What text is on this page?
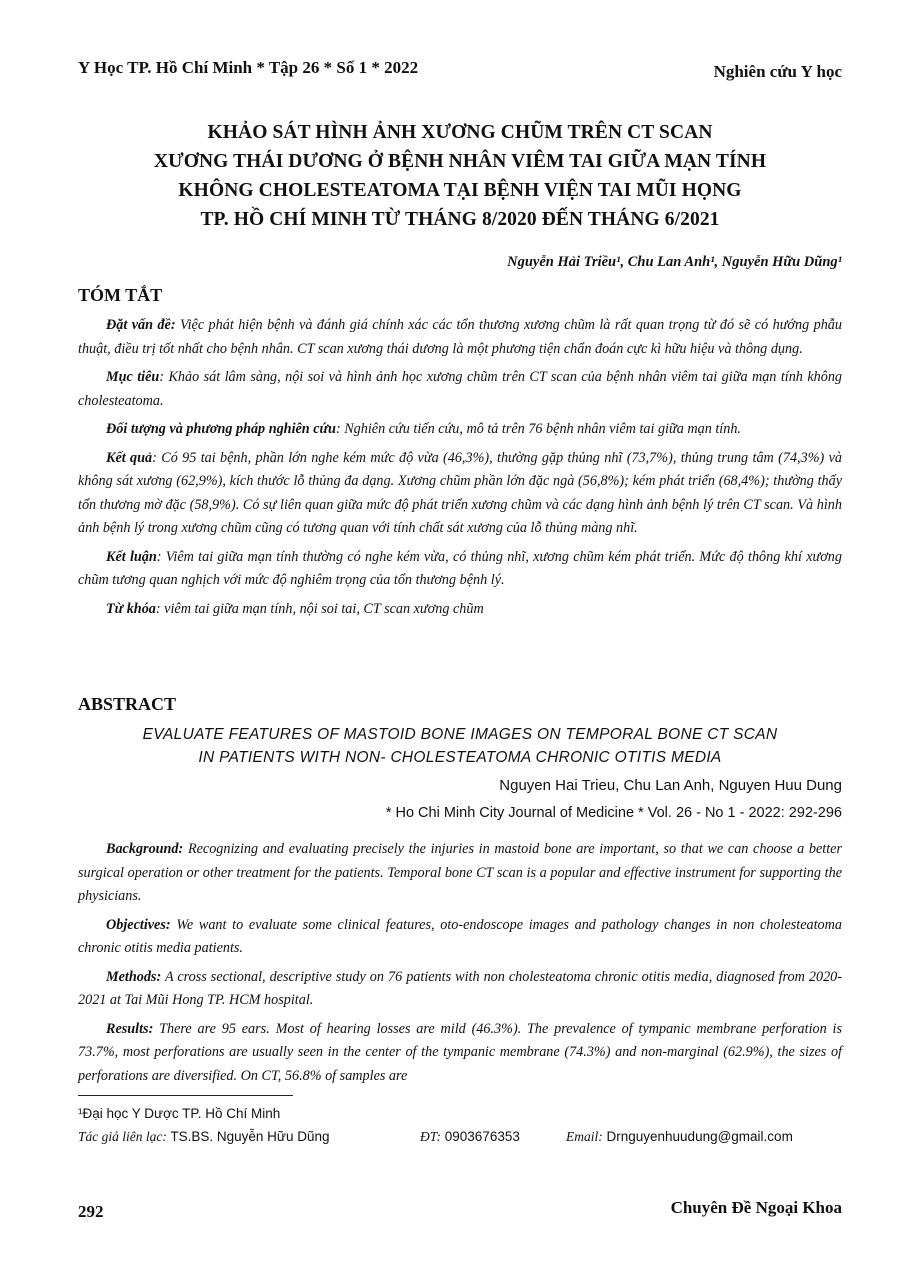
Y Học TP. Hồ Chí Minh * Tập 26 * Số 1 * 2022	Nghiên cứu Y học
KHẢO SÁT HÌNH ẢNH XƯƠNG CHŨM TRÊN CT SCAN
XƯƠNG THÁI DƯƠNG Ở BỆNH NHÂN VIÊM TAI GIỮA MẠN TÍNH
KHÔNG CHOLESTEATOMA TẠI BỆNH VIỆN TAI MŨI HỌNG
TP. HỒ CHÍ MINH TỪ THÁNG 8/2020 ĐẾN THÁNG 6/2021
Nguyễn Hải Triều¹, Chu Lan Anh¹, Nguyễn Hữu Dũng¹
TÓM TẮT

Đặt vấn đề: Việc phát hiện bệnh và đánh giá chính xác các tổn thương xương chũm là rất quan trọng từ đó sẽ có hướng phẫu thuật, điều trị tốt nhất cho bệnh nhân. CT scan xương thái dương là một phương tiện chẩn đoán cực kì hữu hiệu và thông dụng.

Mục tiêu: Khảo sát lâm sàng, nội soi và hình ảnh học xương chũm trên CT scan của bệnh nhân viêm tai giữa mạn tính không cholesteatoma.

Đối tượng và phương pháp nghiên cứu: Nghiên cứu tiến cứu, mô tả trên 76 bệnh nhân viêm tai giữa mạn tính.

Kết quả: Có 95 tai bệnh, phần lớn nghe kém mức độ vừa (46,3%), thường gặp thủng nhĩ (73,7%), thủng trung tâm (74,3%) và không sát xương (62,9%), kích thước lỗ thủng đa dạng. Xương chũm phần lớn đặc ngà (56,8%); kém phát triển (68,4%); thường thấy tổn thương mờ đặc (58,9%). Có sự liên quan giữa mức độ phát triển xương chũm và các dạng hình ảnh bệnh lý trên CT scan. Và hình ảnh bệnh lý trong xương chũm cũng có tương quan với tính chất sát xương của lỗ thủng màng nhĩ.

Kết luận: Viêm tai giữa mạn tính thường có nghe kém vừa, có thủng nhĩ, xương chũm kém phát triển. Mức độ thông khí xương chũm tương quan nghịch với mức độ nghiêm trọng của tổn thương bệnh lý.

Từ khóa: viêm tai giữa mạn tính, nội soi tai, CT scan xương chũm

ABSTRACT
EVALUATE FEATURES OF MASTOID BONE IMAGES ON TEMPORAL BONE CT SCAN
IN PATIENTS WITH NON- CHOLESTEATOMA CHRONIC OTITIS MEDIA
Nguyen Hai Trieu, Chu Lan Anh, Nguyen Huu Dung
* Ho Chi Minh City Journal of Medicine * Vol. 26 - No 1 - 2022: 292-296

Background: Recognizing and evaluating precisely the injuries in mastoid bone are important, so that we can choose a better surgical operation or other treatment for the patients. Temporal bone CT scan is a popular and effective instrument for supporting the physicians.

Objectives: We want to evaluate some clinical features, oto-endoscope images and pathology changes in non cholesteatoma chronic otitis media patients.

Methods: A cross sectional, descriptive study on 76 patients with non cholesteatoma chronic otitis media, diagnosed from 2020-2021 at Tai Mũi Hong TP. HCM hospital.

Results: There are 95 ears. Most of hearing losses are mild (46.3%). The prevalence of tympanic membrane perforation is 73.7%, most perforations are usually seen in the center of the tympanic membrane (74.3%) and non-marginal (62.9%), the sizes of perforations are diversified. On CT, 56.8% of samples are

¹Đại học Y Dược TP. Hồ Chí Minh
Tác giả liên lạc: TS.BS. Nguyễn Hữu Dũng	ĐT: 0903676353	Email: Drnguyenhuudung@gmail.com
292	Chuyên Đề Ngoại Khoa
